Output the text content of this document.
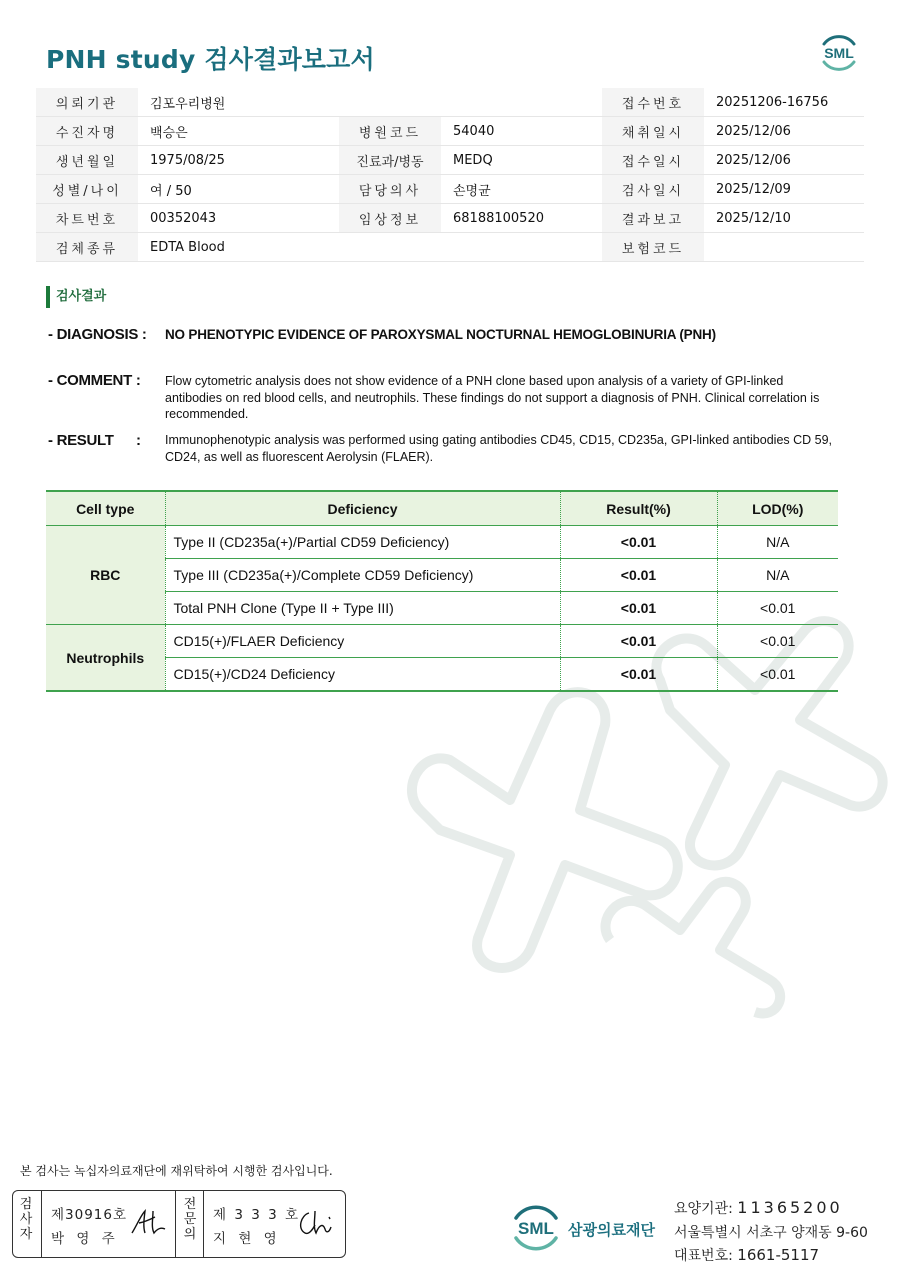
PNH study 검사결과보고서	SML
의뢰기관	김포우리병원			접수번호	20251206-16756
수진자명	백승은	병원코드	54040	채취일시	2025/12/06
생년월일	1975/08/25	진료과/병동	MEDQ	접수일시	2025/12/06
성별/나이	여 / 50	담당의사	손명균	검사일시	2025/12/09
차트번호	00352043	임상정보	68188100520	결과보고	2025/12/10
검체종류	EDTA Blood			보험코드	
검사결과
- DIAGNOSIS : NO PHENOTYPIC EVIDENCE OF PAROXYSMAL NOCTURNAL HEMOGLOBINURIA (PNH)
- COMMENT : Flow cytometric analysis does not show evidence of a PNH clone based upon analysis of a variety of GPI-linked antibodies on red blood cells, and neutrophils. These findings do not support a diagnosis of PNH. Clinical correlation is recommended.
- RESULT : Immunophenotypic analysis was performed using gating antibodies CD45, CD15, CD235a, GPI-linked antibodies CD 59, CD24, as well as fluorescent Aerolysin (FLAER).
Cell type	Deficiency	Result(%)	LOD(%)
RBC	Type II (CD235a(+)/Partial CD59 Deficiency)	<0.01	N/A
	Type III (CD235a(+)/Complete CD59 Deficiency)	<0.01	N/A
	Total PNH Clone (Type II + Type III)	<0.01	<0.01
Neutrophils	CD15(+)/FLAER Deficiency	<0.01	<0.01
	CD15(+)/CD24 Deficiency	<0.01	<0.01
본 검사는 녹십자의료재단에 재위탁하여 시행한 검사입니다.
검사자
제30916호
박 영 주
전문의
제 3 3 3 호
지 현 영
SML 삼광의료재단
요양기관: 11365200
서울특별시 서초구 양재동 9-60
대표번호: 1661-5117
